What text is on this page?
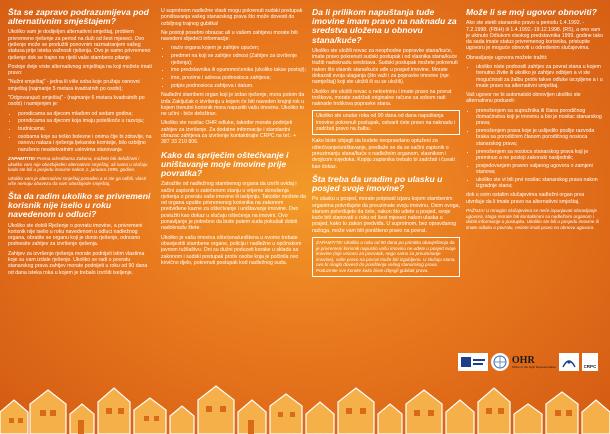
Šta se zapravo podrazumijeva pod alternativnim smještajem?

Ukoliko vam je dodijeljen alternativni smještaj, problem privremene rješenje za period na duži od šest mjeseci. Ovo rješenje može se produžiti ponovnim razmatranjem vašeg statusa prije isteka važnosti rješenja. Ovo je samo privremeno rješenje dok se trajno ne riješi vaše stambeno pitanje.

Postoje dvije vrste alternativnog smještaja na koji možete imati pravo:

"Nužni smještaj" - jedna ili više soba koje pružaju osnovni smještaj (najmanje 5 metara kvadratnih po osobi);

"Odgovarajući smještaj" - (najmanje 6 metara kvadratnih po osobi) i namijenjen je:

• porodicama sa djecom mlađom od sedam godina;
• porodicama sa djecom koja imaju poteškoće u razvoju;
• trudnicama;
• osobama koje su teško bolesne i onima čije bi zdravlje, na osnovu nalaza i rješenja ljekarske komisije, bilo ozbiljno narušeno neadekvatnim uslovima stanovanja

ZAPAMTITE! Prema odredbama Zakona, možete biti deložirani i ukoliko vam nije obezbijeđen alternativni smještaj, ali samo u slučaju kada ste bili u posjedu imovine nakon 1. januara 1995. godine.

Ukoliko vam je alternativni smještaj ponuđen a vi ste ga odbili, vlasti više nemaju obavezu da vam obezbijede smještaj.

Šta da radim ukoliko se privremeni korisnik nije iselio u roku navedenom u odluci?

Ukoliko ste dobili Rješenje o povratu imovine, a privremeni korisnik nije iselio u roku navedenom u odluci nadležnog organa, obratite se organu koji je donio rješenje, odnosno podnesite zahtjev za izvršenje rješenja.

Zahtjev za izvršenje rješenja morate podnijeti istim vlastima koje su vam izdale rješenje. Ukoliko se radi o povratu stanarskog prava zahtjev morate podnijeti u roku od 90 dana od dana isteka roka u kojem je trebalo izvršiti iseljenje.

U suprotnom nadležne vlasti mogu pokrenuti sudski postupak poništavanja vašeg stanarskog prava što može dovesti do ozbiljnog trajnog gubitka!

Ne postoji posebni obrazac ali u vašem zahtjevu morate biti navedeni slijedeći informacije:

• naziv organa kojem je zahtjev upućen;
• predmet na koji se zahtjev odnosi (Zahtjev za izvršenje rješenja);
• ime predstavnika ili opunomoćenika (ukoliko takav postoji);
• ime, prezime i adresa podnosioca zahtjeva;
• potpis podnosioca zahtjeva i datum.

Nadležni stambeni organ koji je izdao rješenje, mora potom da izda Zaključak o izvršenju u kojem će biti naveden krajnji rok u kojem trenutni korisnik mora napustiti vašu imovinu. Ukoliko to ne učini - biće deložiran.

Ukoliko ste nosilac OHR odluke, također morate podnijeti zahtjev za izvršenje. Za dodatne informacije i standardni obrazac zahtjeva za izvršenje kontaktirajte CRPC na tel.: + 387 33 210 806.

Kako da spriječim oštećivanje i uništavanje moje imovine prije povratka?

Zatražite od nadležnog stambenog organa da izvrši uvidaj i sačini zapisnik o zatečenom stanju u vrijeme donošenja rješenja o povratu vaše imovine ili iseljenju. Također možete da od organa uputite privremenog korisnika na zakonom predviđene kazne za oštećivanje i uništavanje imovine. Ovo poslužiti kao dokaz u slučaju oštećenja na imovini. Ovo ponavljanje je potrebno da biste putem suda pokušali dobiti nadoknadu štete.

Ukoliko je vaša imovina oštećena/uništena u ovome trebate obavijestiti stambene organe, policiju i nadležne u općinskom javnom tužilaštvu. Oni su dužni poduzeti korake u skladu sa zakonom i sudski postupak protiv osobe koja je počinila ovo krivično djelo, pokrenuti postupak kod nadležnog suda.

Da li prilikom napuštanja tuđe imovine imam pravo na naknadu za sredstva uložena u obnovu stana/kuće?

Ukoliko ste uložili novac za neophodne popravke stana/kuće, imate pravo pokrenuti sudski postupak i od vlasnika stana/kuće tražiti nadoknadu sredstava. Sudski postupak možete pokrenuti nakon što vlasnik stana/kuće uđe u posjed imovine. Morate dokazati svoja ulaganja (što važi i za popravke imovine (npr. namještaj) koji ste uložili ili su se uložili).

Ukoliko ste uložili novac u nekretninu i imate pravo na povrat troškova, morate zadržati originalne račune sa sobom radi naknade troškova popravke stana.

Ukoliko ste unutar roka od 90 dana od dana napuštanja imovine pokrenuli postupak, ostvarit ćete pravo na naknadu i zadržati pravo na žalbu.

Kako biste izbjegli da budete neopravdano optuženi za oštećivanje/uništavanje, predlaže se da se sačini zapisnik o preuzimanju stana/kuće s nadležnim organom, vlasnikom i dvojicom svjedoka. Kopiju zapisnika trebalo bi zadržati i čuvati kao dokaz.

Šta treba da uradim po ulasku u posjed svoje imovine?

Po ulasku u posjed, morate potpisati izjavu kojom stambenim organima potvrđujete da preuzimate svoju imovinu. Osim ovoga, stanom potvrđujete da ćete, nakon što uđete u posjed, svoje kuće biti stanovati u roku od šest mjeseci nakon ulaska u posjed, kako to zakon predviđa. U suprotnom, bez opravdanog razloga, može vam biti poništeno pravo na povrat.

ZAPAMTITE! Ukoliko u roku od 90 dana po primitku obavještenja da je privremeni korisnik napustio vašu imovinu ne uđete u posjed svoje imovine (nije vezano za povratak, nego samo za preuzimanje imovine), vaše pravo na povrat može biti izgubljeno. U slučaju stana, ovo bi moglo dovesti do poništenja vašeg stanarskog prava. Poduzmite sve korake kako biste izbjegli gubitak prava.
Može li se moj ugovor obnoviti?

Ako ste stekli stanarsko pravo u periodu 1.4.1992. - 7.2.1998. (FBiH) ili 1.4.1992.-19.12.1998. (RS), a ono vam je ukinuto Odlukom visokog predstavnika 1999. godine tako da sada imate status privremenog korisnika, pristupite ugovoru je moguće obnoviti u određenim slučajevima.

Obnavljanje ugovora možete tražiti:

• ukoliko niste podnosili zahtjev za povrat stana u kojem trenutno živite ili ukoliko je zahtjev odbijen a vi ste mogućnosti za žalbu protiv takve odluke iscrpljene a i u imate pravo na alternativni smještaj.

Vaš ugovor ne bi automatski obnovljen ukoliko ste alternativnu poduzeli:

• prenošenjem sa supružnika ili člana porodičnog domaćinstva koji je imovinu a bio je nosilac stanarskog prava;
• prenošenjem prava koje je uslijedilo poslije razvoda braka sa porodičnim članom porodičnog nosioca stanarskog prava;
• prenošenjem sa nosioca stanarskog prava koji je preminuo a ne postoji zakonski nasljednik;
• posjedovanjem pravno valjanog ugovora o zamjeni stanova;
• ukoliko ste vi bili prvi nosilac stanarskog prava nakon izgradnje stana;

dok u svim ostalim slučajevima nadležni organ prva utvrđuje da li imate pravo na alternativni smještaj.

PAŽNJA! U mnogim slučajevima se neće ispunjavati obnavljanje ugovora, stoga morate biti kontaktirani sa nadležnim organom i dobiti informacije o postupku. Ukoliko ste bili u posjedu imovine ili imate odluku o povratu, nećete imati pravo na obnovu ugovora.

OHR
Office of the High Representative	CRPC
